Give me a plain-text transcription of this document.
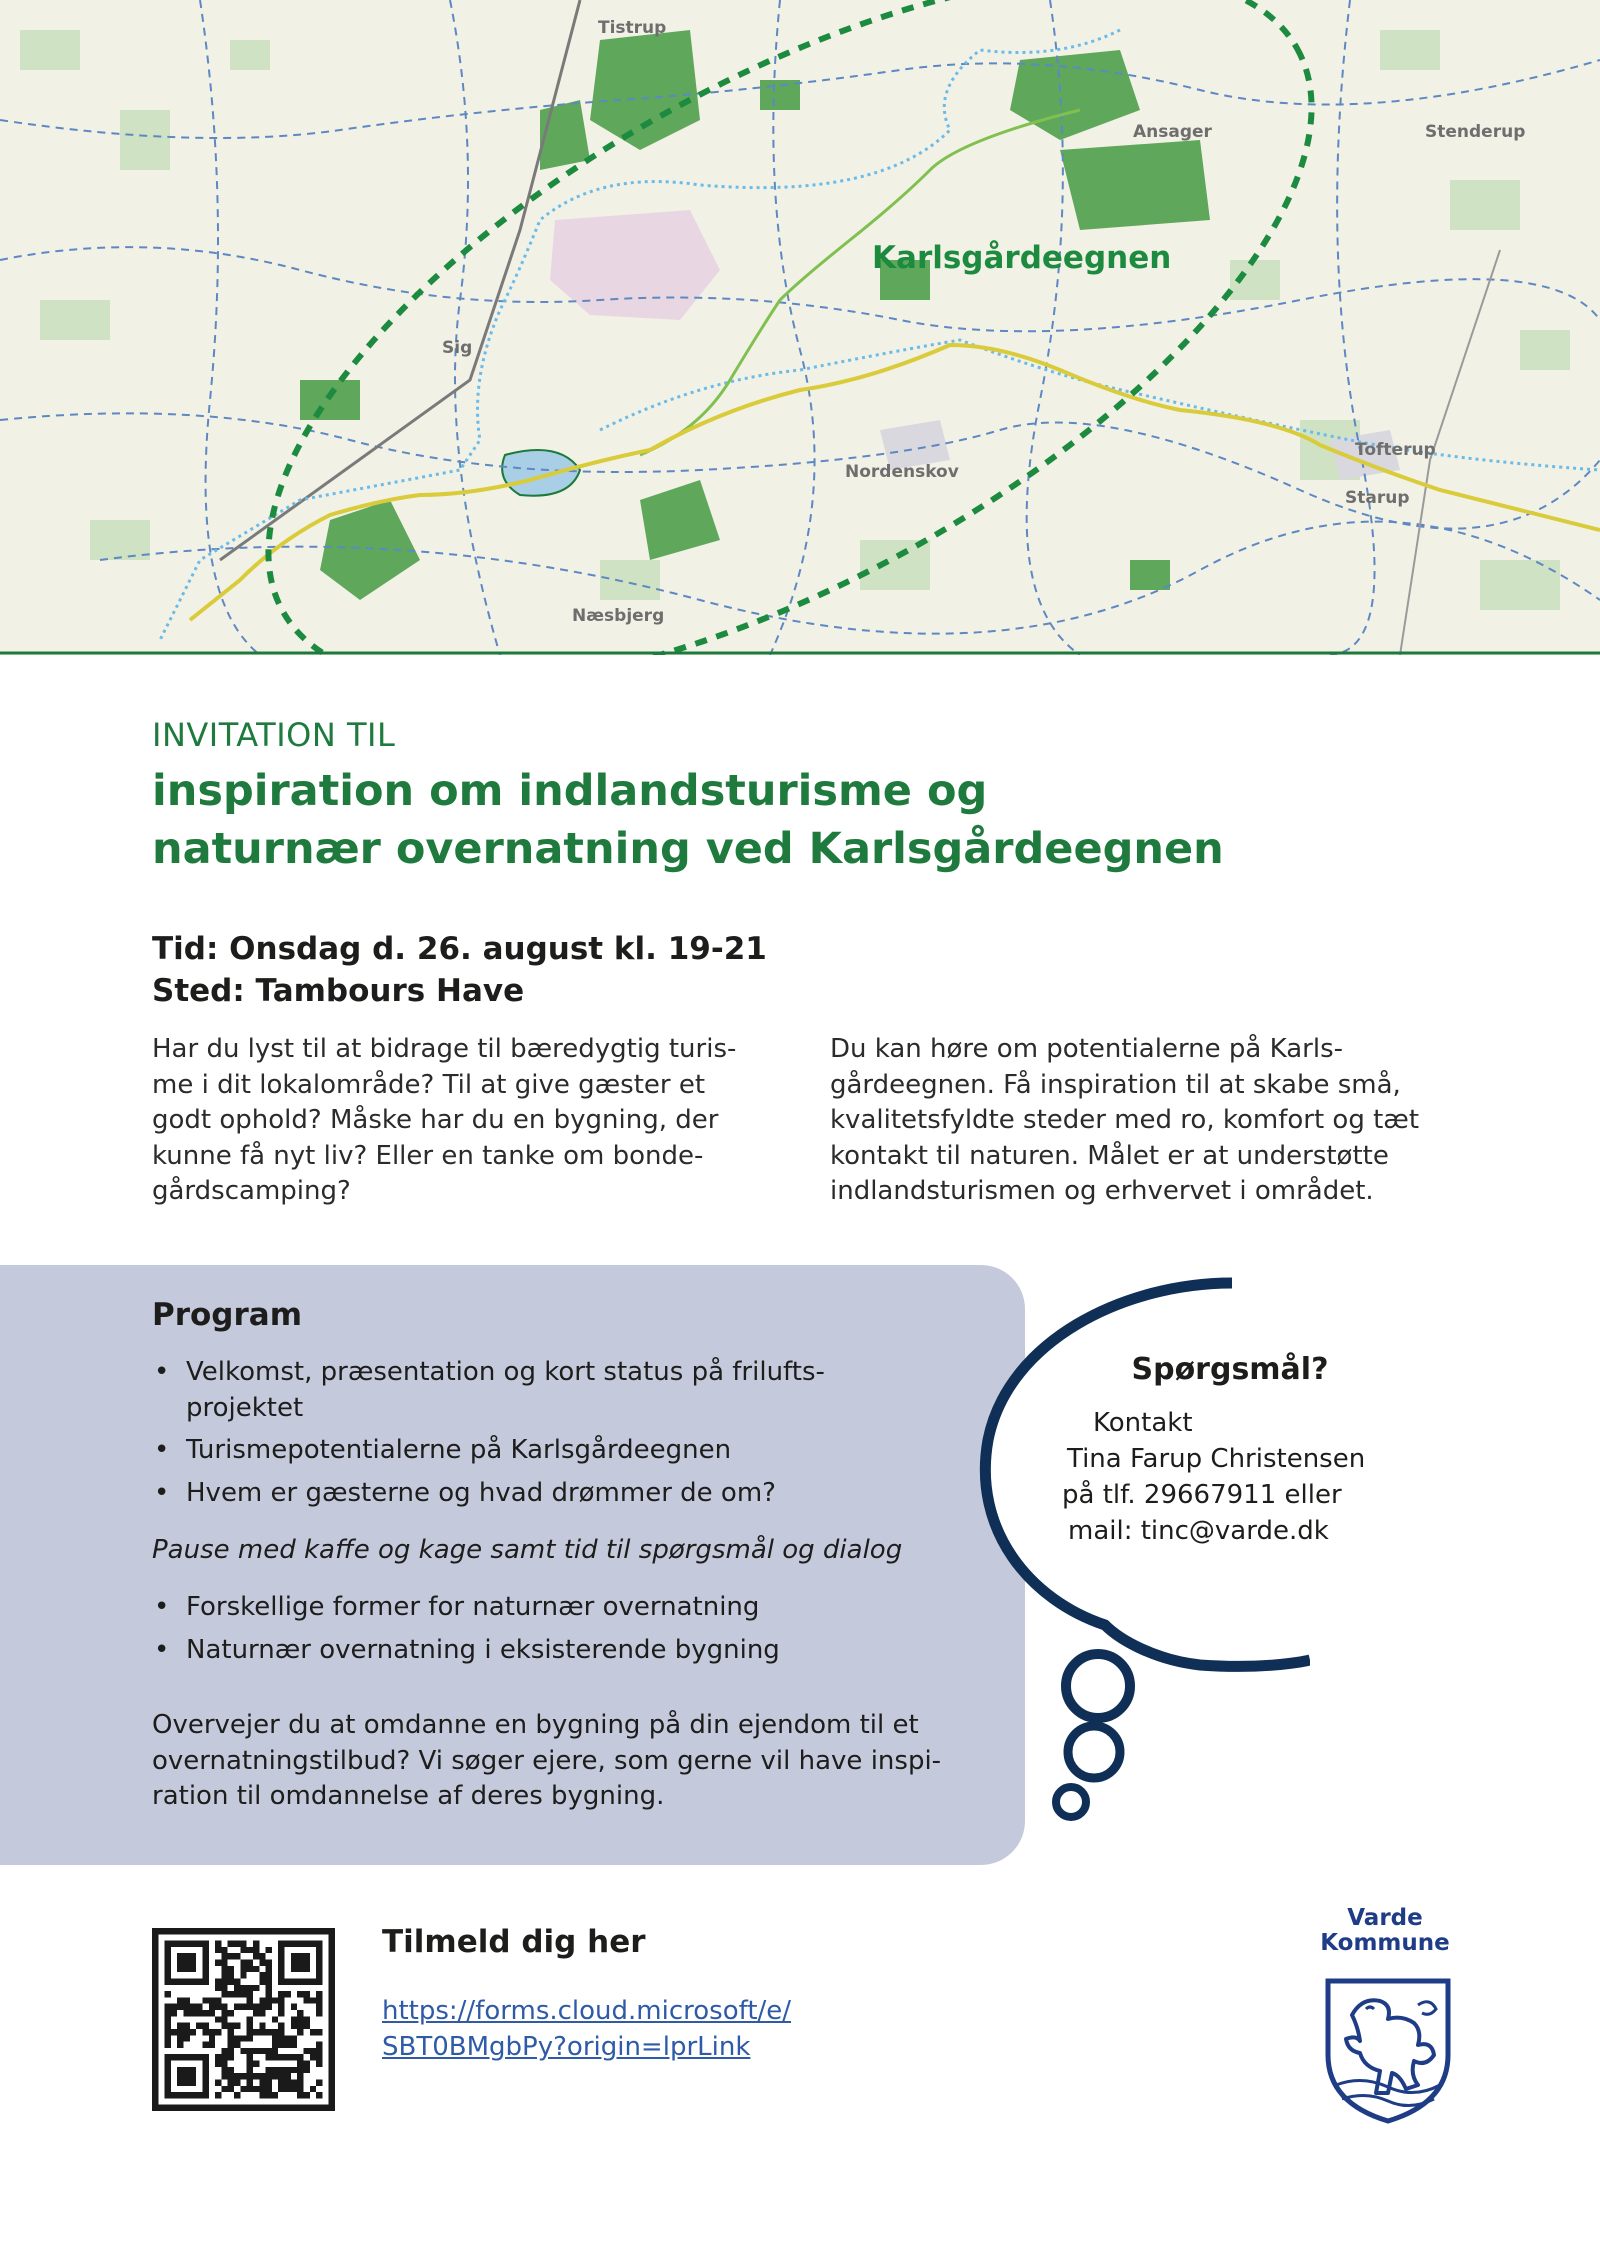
Tistrup
Ansager	Stenderup
Karlsgårdeegnen
Sig
Tofterup
Starup
Nordenskov
Næsbjerg
INVITATION TIL
inspiration om indlandsturisme og
naturnær overnatning ved Karlsgårdeegnen
Tid: Onsdag d. 26. august kl. 19-21
Sted: Tambours Have
Har du lyst til at bidrage til bæredygtig turis-
me i dit lokalområde? Til at give gæster et
godt ophold? Måske har du en bygning, der
kunne få nyt liv? Eller en tanke om bonde-
gårdscamping?
Du kan høre om potentialerne på Karls-
gårdeegnen. Få inspiration til at skabe små,
kvalitetsfyldte steder med ro, komfort og tæt
kontakt til naturen. Målet er at understøtte
indlandsturismen og erhvervet i området.
Program
• Velkomst, præsentation og kort status på frilufts-projektet
• Turismepotentialerne på Karlsgårdeegnen
• Hvem er gæsterne og hvad drømmer de om?
Pause med kaffe og kage samt tid til spørgsmål og dialog
• Forskellige former for naturnær overnatning
• Naturnær overnatning i eksisterende bygning
Overvejer du at omdanne en bygning på din ejendom til et
overnatningstilbud? Vi søger ejere, som gerne vil have inspi-
ration til omdannelse af deres bygning.
Spørgsmål?
Kontakt
Tina Farup Christensen
på tlf. 29667911 eller
mail: tinc@varde.dk
Tilmeld dig her
https://forms.cloud.microsoft/e/
SBT0BMgbPy?origin=lprLink
Varde
Kommune
